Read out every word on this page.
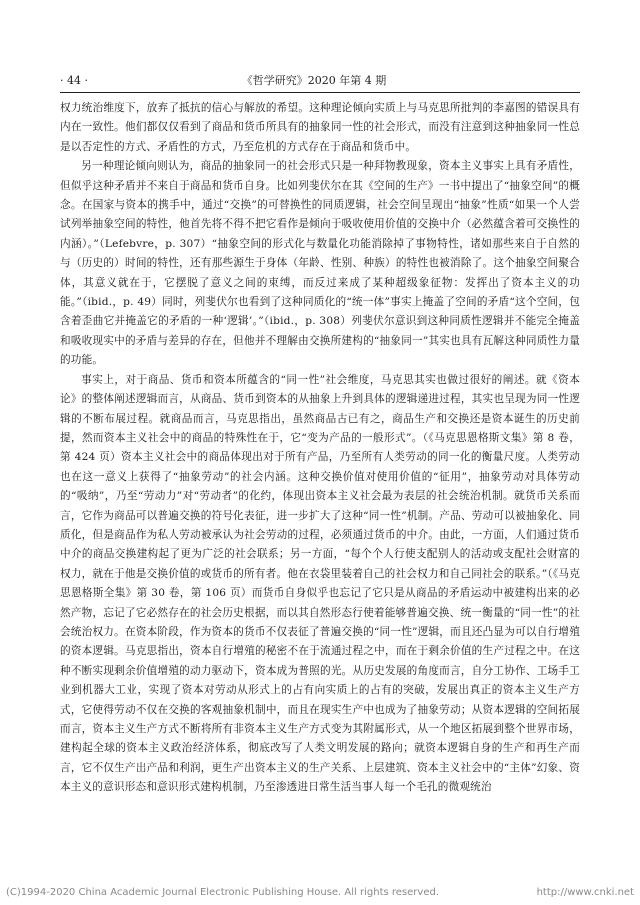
· 44 ·	《哲学研究》2020 年第 4 期

权力统治维度下，放弃了抵抗的信心与解放的希望。这种理论倾向实质上与马克思所批判的李嘉图的错误具有内在一致性。他们都仅仅看到了商品和货币所具有的抽象同一性的社会形式，而没有注意到这种抽象同一性总是以否定性的方式、矛盾性的方式，乃至危机的方式存在于商品和货币中。

另一种理论倾向则认为，商品的抽象同一的社会形式只是一种拜物教现象，资本主义事实上具有矛盾性，但似乎这种矛盾并不来自于商品和货币自身。比如列斐伏尔在其《空间的生产》一书中提出了“抽象空间”的概念。在国家与资本的携手中，通过“交换”的可替换性的同质逻辑，社会空间呈现出“抽象”性质“如果一个人尝试列举抽象空间的特性，他首先将不得不把它看作是倾向于吸收使用价值的交换中介（必然蕴含着可交换性的内涵）。”（Lefebvre，p. 307）“抽象空间的形式化与数量化功能消除掉了事物特性，诸如那些来自于自然的与（历史的）时间的特性，还有那些源生于身体（年龄、性别、种族）的特性也被消除了。这个抽象空间聚合体，其意义就在于，它摆脱了意义之间的束缚，而反过来成了某种超级象征物：发挥出了资本主义的功能。”（ibid.，p. 49）同时，列斐伏尔也看到了这种同质化的“统一体”事实上掩盖了空间的矛盾“这个空间，包含着歪曲它并掩盖它的矛盾的一种‘逻辑’。”（ibid.，p. 308）列斐伏尔意识到这种同质性逻辑并不能完全掩盖和吸收现实中的矛盾与差异的存在，但他并不理解由交换所建构的“抽象同一”其实也具有瓦解这种同质性力量的功能。

事实上，对于商品、货币和资本所蕴含的“同一性”社会维度，马克思其实也做过很好的阐述。就《资本论》的整体阐述逻辑而言，从商品、货币到资本的从抽象上升到具体的逻辑递进过程，其实也呈现为同一性逻辑的不断布展过程。就商品而言，马克思指出，虽然商品古已有之，商品生产和交换还是资本诞生的历史前提，然而资本主义社会中的商品的特殊性在于，它“变为产品的一般形式”。（《马克思恩格斯文集》第 8 卷，第 424 页）资本主义社会中的商品体现出对于所有产品，乃至所有人类劳动的同一化的衡量尺度。人类劳动也在这一意义上获得了“抽象劳动”的社会内涵。这种交换价值对使用价值的“征用”，抽象劳动对具体劳动的“吸纳”，乃至“劳动力”对“劳动者”的化约，体现出资本主义社会最为表层的社会统治机制。就货币关系而言，它作为商品可以普遍交换的符号化表征，进一步扩大了这种“同一性”机制。产品、劳动可以被抽象化、同质化，但是商品作为私人劳动被承认为社会劳动的过程，必须通过货币的中介。由此，一方面，人们通过货币中介的商品交换建构起了更为广泛的社会联系；另一方面，“每个个人行使支配别人的活动或支配社会财富的权力，就在于他是交换价值的或货币的所有者。他在衣袋里装着自己的社会权力和自己同社会的联系。”（《马克思恩格斯全集》第 30 卷，第 106 页）而货币自身似乎也忘记了它只是从商品的矛盾运动中被建构出来的必然产物，忘记了它必然存在的社会历史根据，而以其自然形态行使着能够普遍交换、统一衡量的“同一性”的社会统治权力。在资本阶段，作为资本的货币不仅表征了普遍交换的“同一性”逻辑，而且还凸显为可以自行增殖的资本逻辑。马克思指出，资本自行增殖的秘密不在于流通过程之中，而在于剩余价值的生产过程之中。在这种不断实现剩余价值增殖的动力驱动下，资本成为普照的光。从历史发展的角度而言，自分工协作、工场手工业到机器大工业，实现了资本对劳动从形式上的占有向实质上的占有的突破，发展出真正的资本主义生产方式，它使得劳动不仅在交换的客观抽象机制中，而且在现实生产中也成为了抽象劳动；从资本逻辑的空间拓展而言，资本主义生产方式不断将所有非资本主义生产方式变为其附属形式，从一个地区拓展到整个世界市场，建构起全球的资本主义政治经济体系，彻底改写了人类文明发展的路向；就资本逻辑自身的生产和再生产而言，它不仅生产出产品和利润，更生产出资本主义的生产关系、上层建筑、资本主义社会中的“主体”幻象、资本主义的意识形态和意识形式建构机制，乃至渗透进日常生活当事人每一个毛孔的微观统治

(C)1994-2020 China Academic Journal Electronic Publishing House. All rights reserved.	http://www.cnki.net
